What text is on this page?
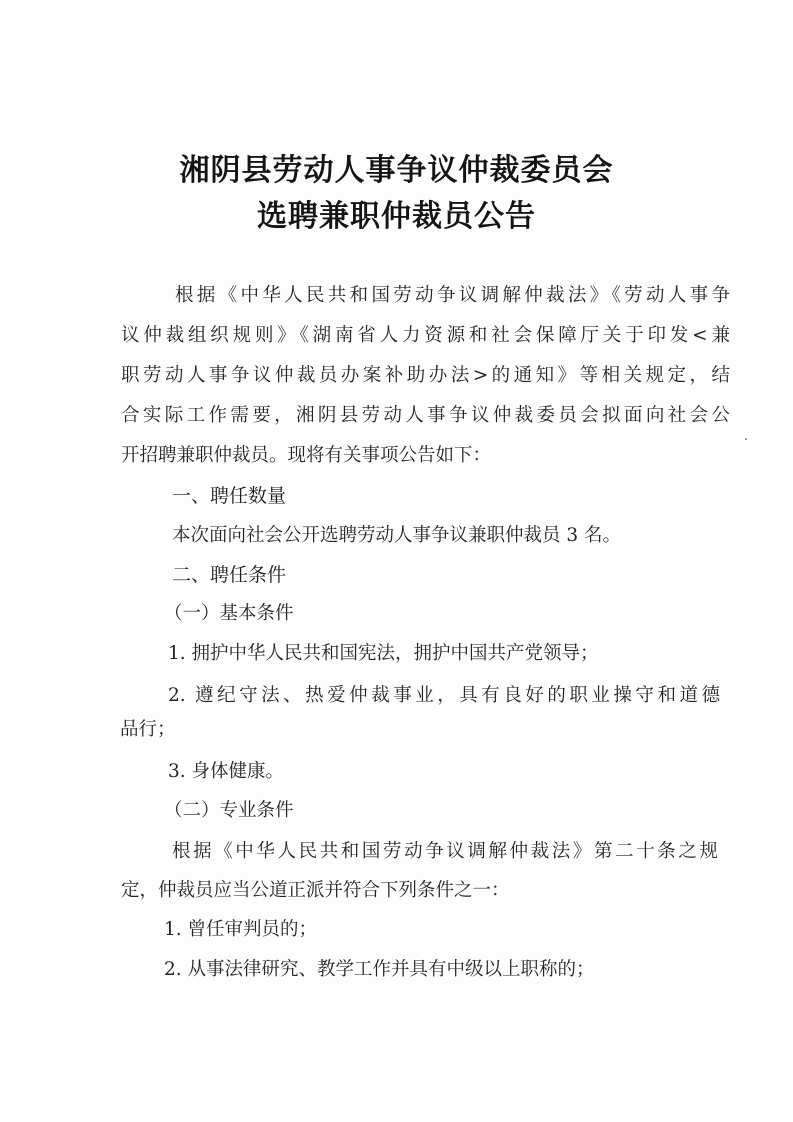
湘阴县劳动人事争议仲裁委员会
选聘兼职仲裁员公告
根据《中华人民共和国劳动争议调解仲裁法》《劳动人事争
议仲裁组织规则》《湖南省人力资源和社会保障厅关于印发<兼
职劳动人事争议仲裁员办案补助办法>的通知》等相关规定，结
合实际工作需要，湘阴县劳动人事争议仲裁委员会拟面向社会公
开招聘兼职仲裁员。现将有关事项公告如下：
一、聘任数量
本次面向社会公开选聘劳动人事争议兼职仲裁员 3 名。
二、聘任条件
（一）基本条件
1. 拥护中华人民共和国宪法，拥护中国共产党领导；
2. 遵纪守法、热爱仲裁事业，具有良好的职业操守和道德
品行；
3. 身体健康。
（二）专业条件
根据《中华人民共和国劳动争议调解仲裁法》第二十条之规
定，仲裁员应当公道正派并符合下列条件之一：
1. 曾任审判员的；
2. 从事法律研究、教学工作并具有中级以上职称的；
